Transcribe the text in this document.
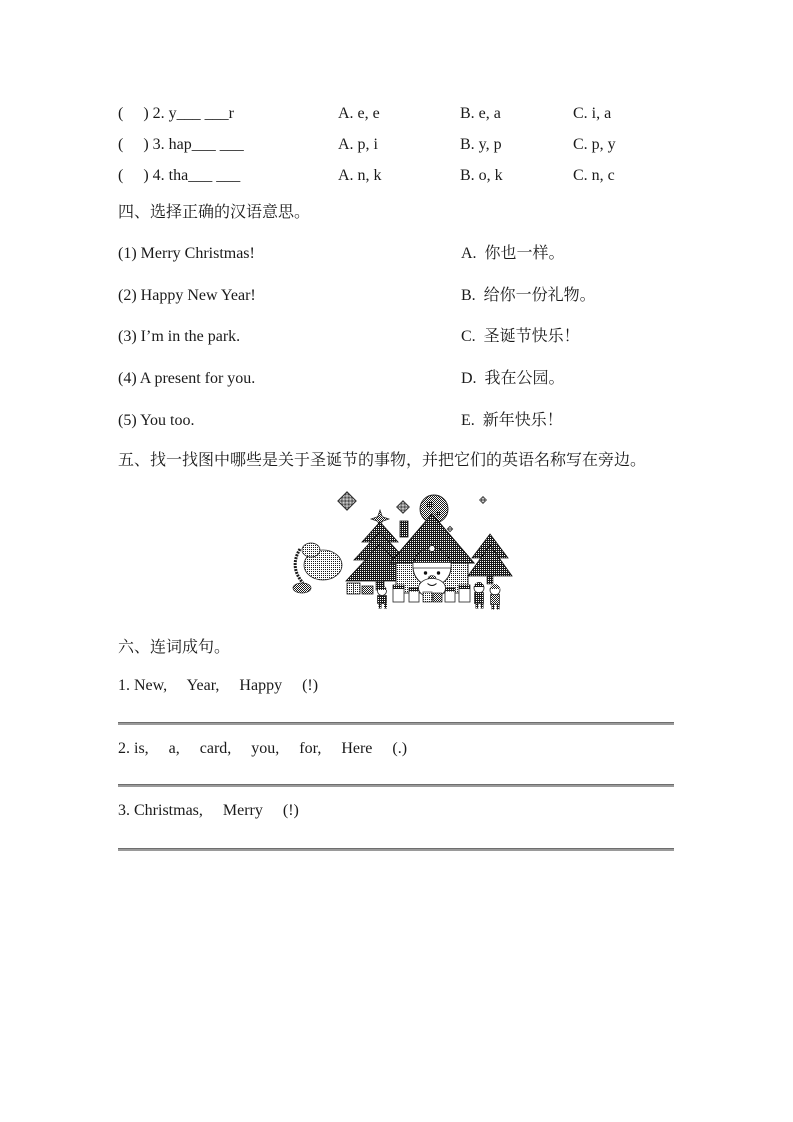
(     ) 2. y___ ___r	A. e, e	B. e, a	C. i, a
(     ) 3. hap___ ___	A. p, i	B. y, p	C. p, y
(     ) 4. tha___ ___	A. n, k	B. o, k	C. n, c
四、选择正确的汉语意思。
(1) Merry Christmas!	A.  你也一样。
(2) Happy New Year!	B.  给你一份礼物。
(3) I’m in the park.	C.  圣诞节快乐！
(4) A present for you.	D.  我在公园。
(5) You too.	E.  新年快乐！
五、找一找图中哪些是关于圣诞节的事物，并把它们的英语名称写在旁边。
六、连词成句。
1. New,     Year,     Happy     (!)
2. is,     a,     card,     you,     for,     Here     (.)
3. Christmas,     Merry     (!)
